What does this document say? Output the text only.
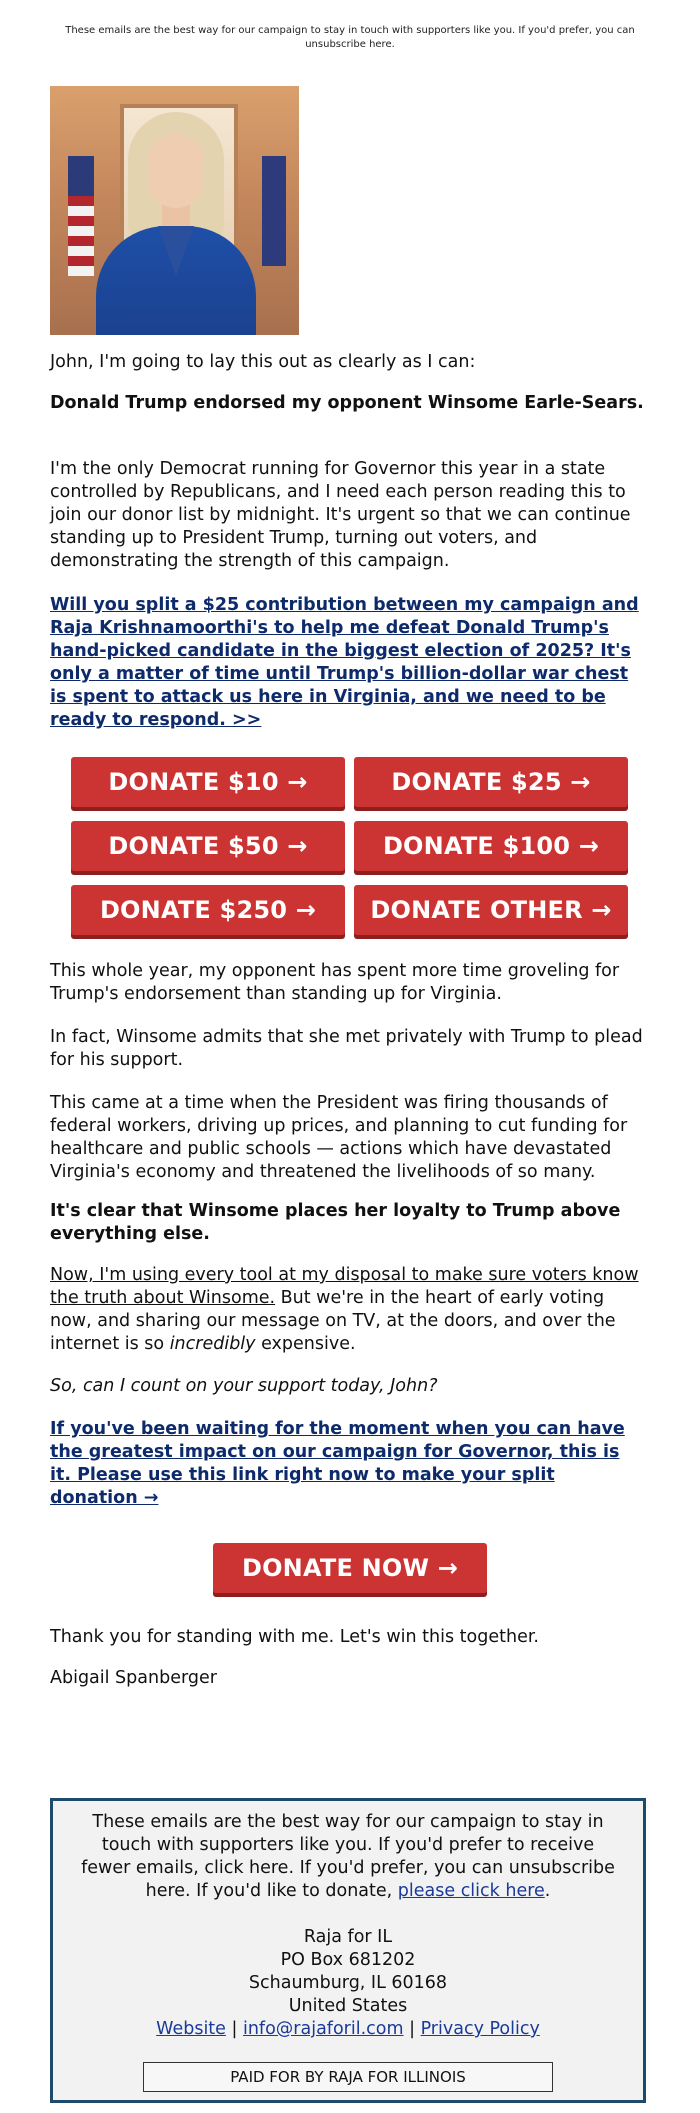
These emails are the best way for our campaign to stay in touch with supporters like you. If you'd prefer, you can unsubscribe here.

John, I'm going to lay this out as clearly as I can:

Donald Trump endorsed my opponent Winsome Earle-Sears.

I'm the only Democrat running for Governor this year in a state controlled by Republicans, and I need each person reading this to join our donor list by midnight. It's urgent so that we can continue standing up to President Trump, turning out voters, and demonstrating the strength of this campaign.

Will you split a $25 contribution between my campaign and Raja Krishnamoorthi's to help me defeat Donald Trump's hand-picked candidate in the biggest election of 2025? It's only a matter of time until Trump's billion-dollar war chest is spent to attack us here in Virginia, and we need to be ready to respond. >>

DONATE $10 →	DONATE $25 →
DONATE $50 →	DONATE $100 →
DONATE $250 →	DONATE OTHER →

This whole year, my opponent has spent more time groveling for Trump's endorsement than standing up for Virginia.

In fact, Winsome admits that she met privately with Trump to plead for his support.

This came at a time when the President was firing thousands of federal workers, driving up prices, and planning to cut funding for healthcare and public schools — actions which have devastated Virginia's economy and threatened the livelihoods of so many.

It's clear that Winsome places her loyalty to Trump above everything else.

Now, I'm using every tool at my disposal to make sure voters know the truth about Winsome. But we're in the heart of early voting now, and sharing our message on TV, at the doors, and over the internet is so incredibly expensive.

So, can I count on your support today, John?

If you've been waiting for the moment when you can have the greatest impact on our campaign for Governor, this is it. Please use this link right now to make your split donation →

DONATE NOW →

Thank you for standing with me. Let's win this together.

Abigail Spanberger

These emails are the best way for our campaign to stay in touch with supporters like you. If you'd prefer to receive fewer emails, click here. If you'd prefer, you can unsubscribe here. If you'd like to donate, please click here.
Raja for IL
PO Box 681202
Schaumburg, IL 60168
United States
Website | info@rajaforil.com | Privacy Policy
PAID FOR BY RAJA FOR ILLINOIS
